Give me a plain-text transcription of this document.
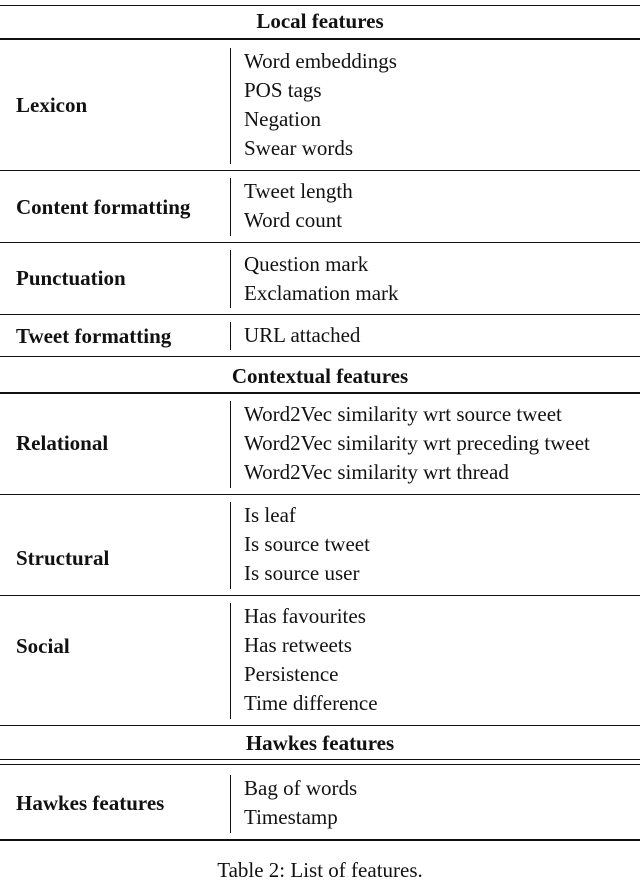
Local features
Lexicon
Word embeddings
POS tags
Negation
Swear words
Content formatting
Tweet length
Word count
Punctuation
Question mark
Exclamation mark
Tweet formatting	URL attached
Contextual features
Relational
Word2Vec similarity wrt source tweet
Word2Vec similarity wrt preceding tweet
Word2Vec similarity wrt thread
Structural
Is leaf
Is source tweet
Is source user
Social
Has favourites
Has retweets
Persistence
Time difference
Hawkes features
Hawkes features
Bag of words
Timestamp
Table 2: List of features.
